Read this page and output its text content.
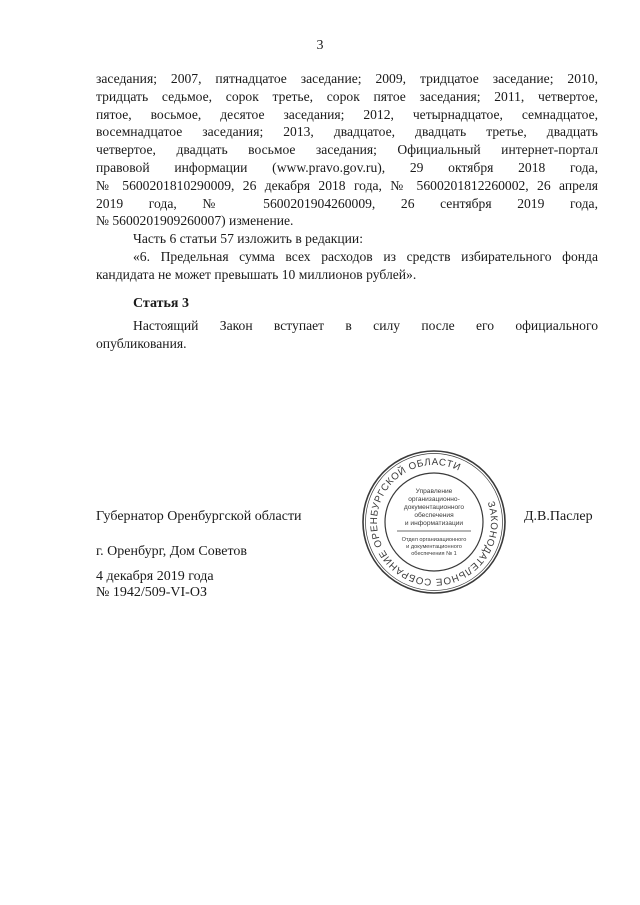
3
заседания; 2007, пятнадцатое заседание; 2009, тридцатое заседание; 2010,
тридцать седьмое, сорок третье, сорок пятое заседания; 2011, четвертое,
пятое, восьмое, десятое заседания; 2012, четырнадцатое, семнадцатое,
восемнадцатое заседания; 2013, двадцатое, двадцать третье, двадцать
четвертое, двадцать восьмое заседания; Официальный интернет-портал
правовой информации (www.pravo.gov.ru), 29 октября 2018 года,
№ 5600201810290009, 26 декабря 2018 года, № 5600201812260002, 26 апреля
2019 года, № 5600201904260009, 26 сентября 2019 года,
№ 5600201909260007) изменение.
Часть 6 статьи 57 изложить в редакции:
«6. Предельная сумма всех расходов из средств избирательного фонда
кандидата не может превышать 10 миллионов рублей».
Статья 3
Настоящий Закон вступает в силу после его официального
опубликования.
Губернатор Оренбургской области	Д.В.Паслер
г. Оренбург, Дом Советов
4 декабря 2019 года
№ 1942/509-VI-ОЗ
ЗАКОНОДАТЕЛЬНОЕ СОБРАНИЕ ОРЕНБУРГСКОЙ ОБЛАСТИ
Управление
организационно-
документационного
обеспечения
и информатизации
Отдел организационного
и документационного
обеспечения № 1
